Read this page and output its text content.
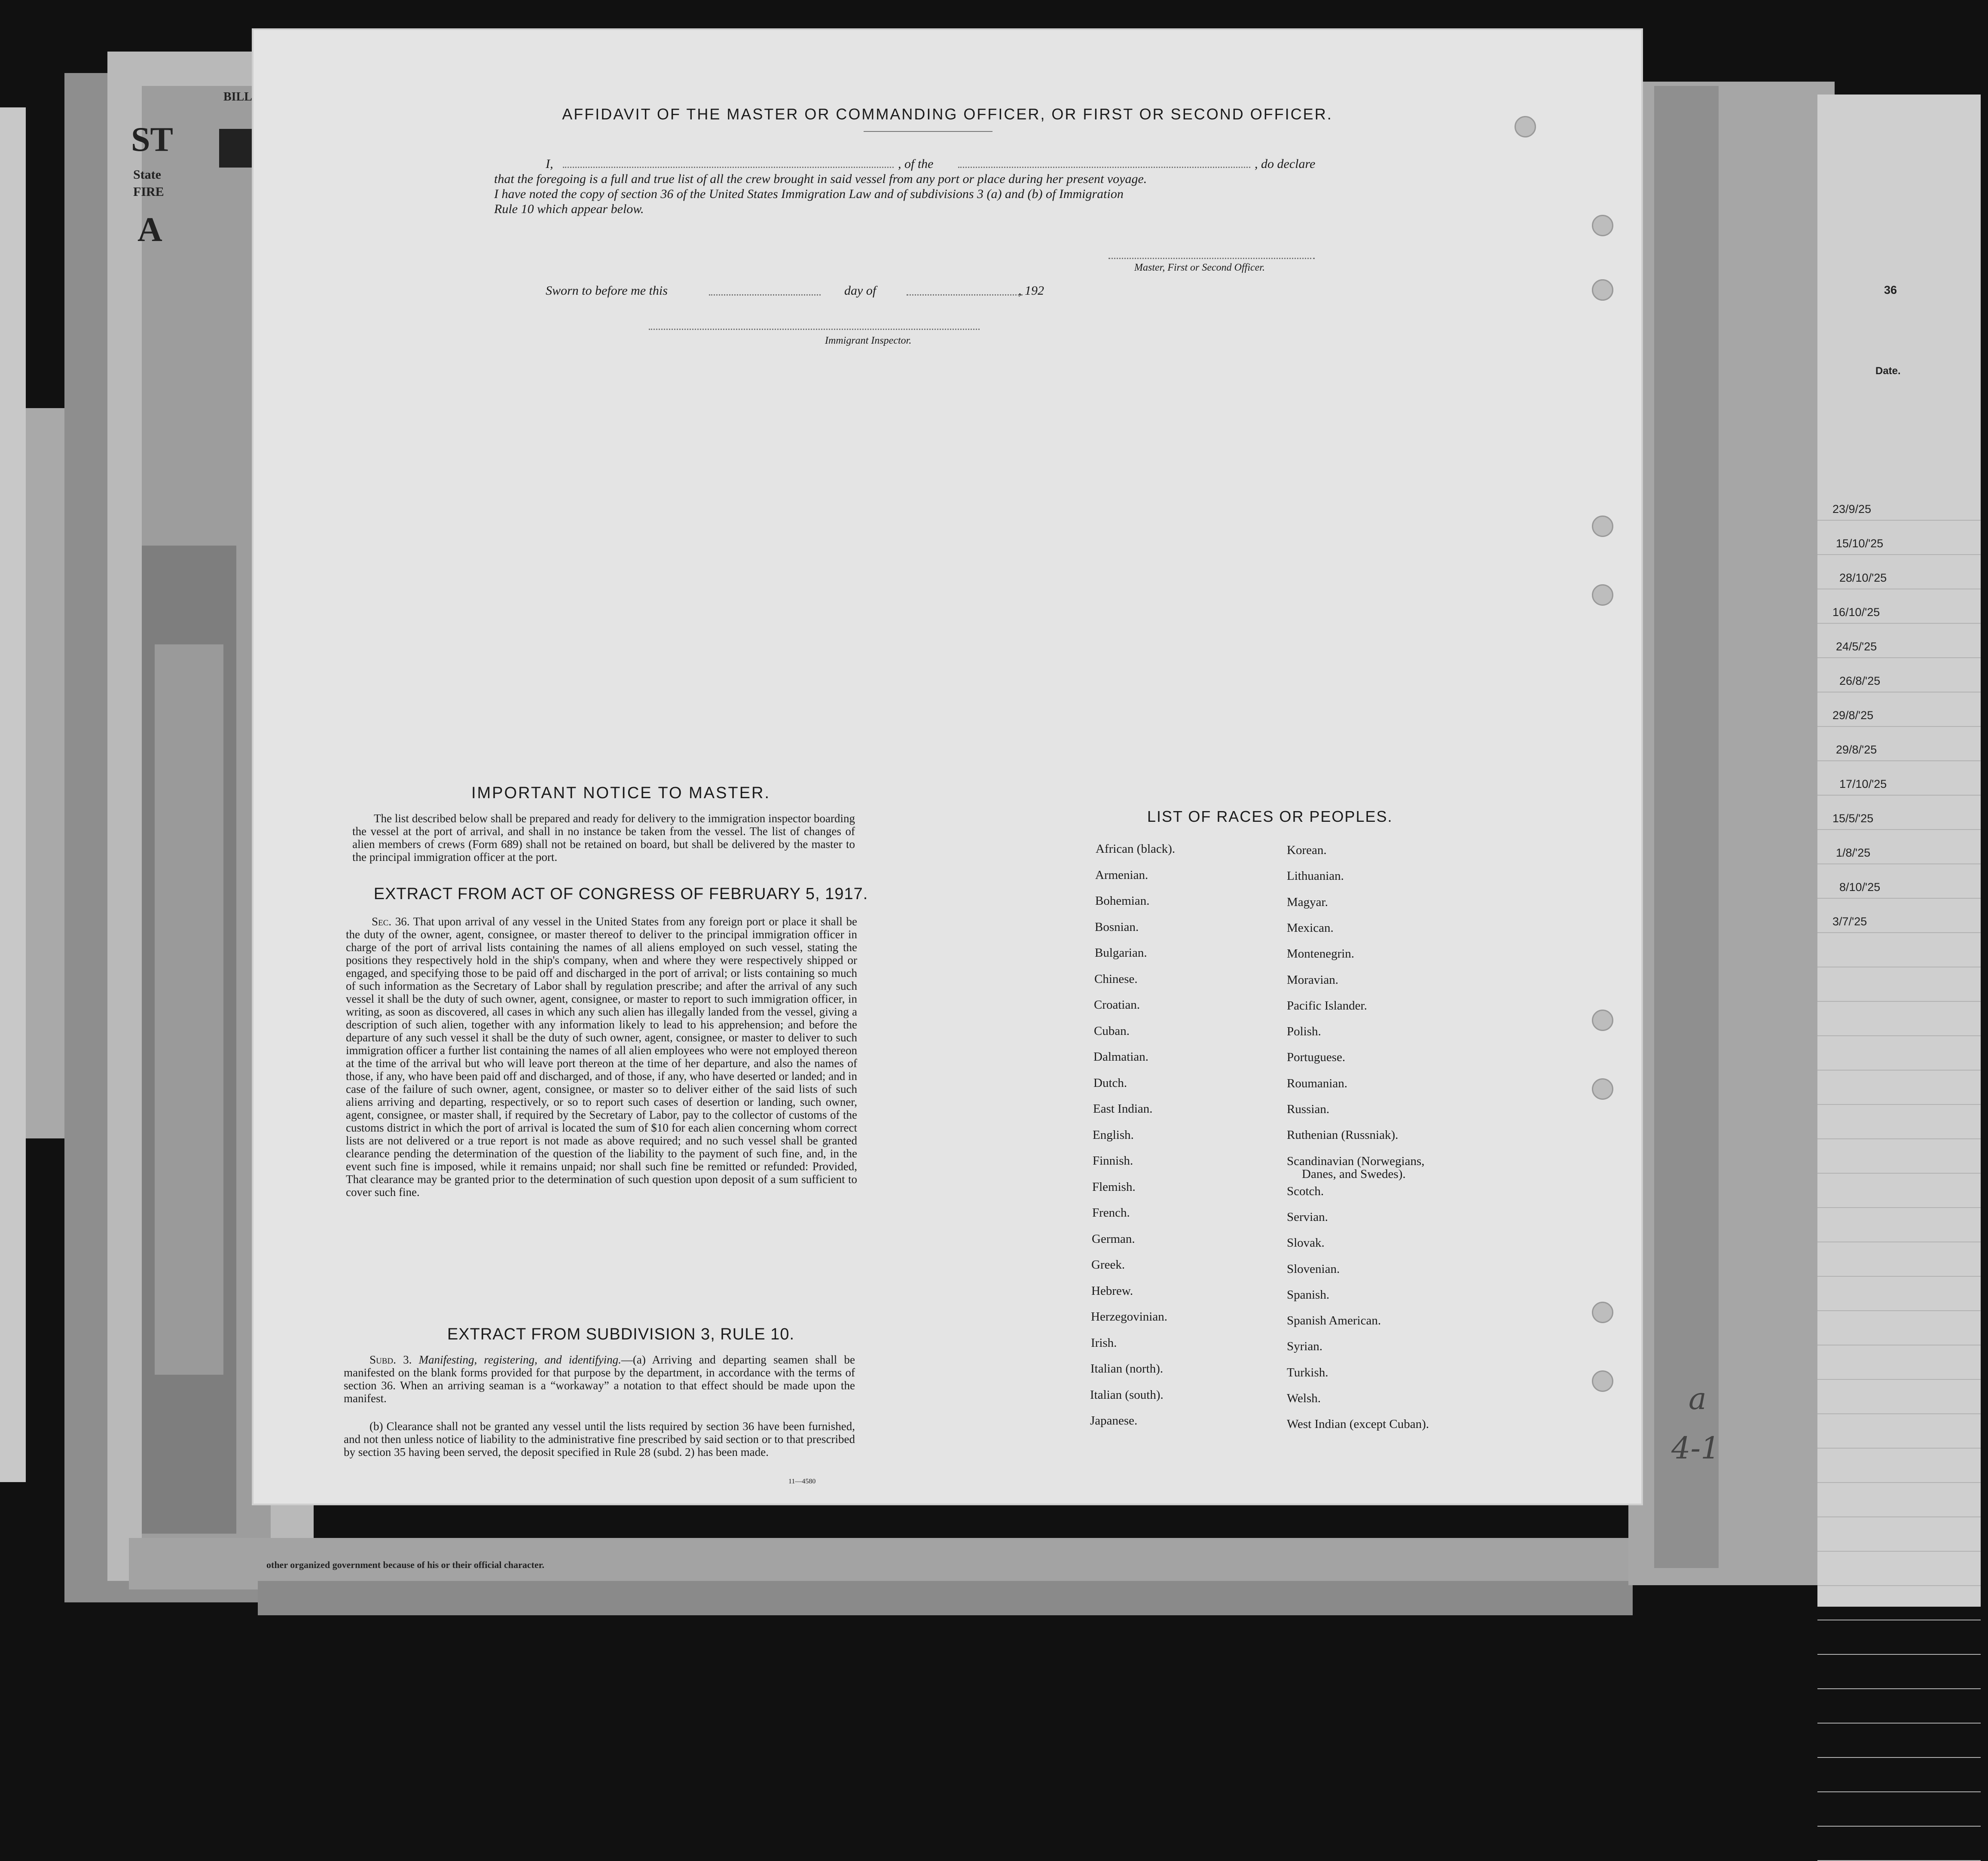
ST
State
FIRE
A
BILL
other organized government because of his or their official character.
36
Date.
23/9/25
15/10/'25
28/10/'25
16/10/'25
24/5/'25
26/8/'25
29/8/'25
29/8/'25
17/10/'25
15/5/'25
1/8/'25
8/10/'25
3/7/'25
a
4-1
AFFIDAVIT OF THE MASTER OR COMMANDING OFFICER, OR FIRST OR SECOND OFFICER.
I,	, of the	, do declare
that the foregoing is a full and true list of all the crew brought in said vessel from any port or place during her present voyage.
I have noted the copy of section 36 of the United States Immigration Law and of subdivisions 3 (a) and (b) of Immigration
Rule 10 which appear below.
Master, First or Second Officer.
Sworn to before me this	day of	, 192
Immigrant Inspector.
IMPORTANT NOTICE TO MASTER.
The list described below shall be prepared and ready for delivery to the immigration inspector boarding the vessel at the port of arrival, and shall in no instance be taken from the vessel. The list of changes of alien members of crews (Form 689) shall not be retained on board, but shall be delivered by the master to the principal immigration officer at the port.
EXTRACT FROM ACT OF CONGRESS OF FEBRUARY 5, 1917.
Sec. 36. That upon arrival of any vessel in the United States from any foreign port or place it shall be the duty of the owner, agent, consignee, or master thereof to deliver to the principal immigration officer in charge of the port of arrival lists containing the names of all aliens employed on such vessel, stating the positions they respectively hold in the ship's company, when and where they were respectively shipped or engaged, and specifying those to be paid off and discharged in the port of arrival; or lists containing so much of such information as the Secretary of Labor shall by regulation prescribe; and after the arrival of any such vessel it shall be the duty of such owner, agent, consignee, or master to report to such immigration officer, in writing, as soon as discovered, all cases in which any such alien has illegally landed from the vessel, giving a description of such alien, together with any information likely to lead to his apprehension; and before the departure of any such vessel it shall be the duty of such owner, agent, consignee, or master to deliver to such immigration officer a further list containing the names of all alien employees who were not employed thereon at the time of the arrival but who will leave port thereon at the time of her departure, and also the names of those, if any, who have been paid off and discharged, and of those, if any, who have deserted or landed; and in case of the failure of such owner, agent, consignee, or master so to deliver either of the said lists of such aliens arriving and departing, respectively, or so to report such cases of desertion or landing, such owner, agent, consignee, or master shall, if required by the Secretary of Labor, pay to the collector of customs of the customs district in which the port of arrival is located the sum of $10 for each alien concerning whom correct lists are not delivered or a true report is not made as above required; and no such vessel shall be granted clearance pending the determination of the question of the liability to the payment of such fine, and, in the event such fine is imposed, while it remains unpaid; nor shall such fine be remitted or refunded: Provided, That clearance may be granted prior to the determination of such question upon deposit of a sum sufficient to cover such fine.
EXTRACT FROM SUBDIVISION 3, RULE 10.
Subd. 3. Manifesting, registering, and identifying.—(a) Arriving and departing seamen shall be manifested on the blank forms provided for that purpose by the department, in accordance with the terms of section 36. When an arriving seaman is a “workaway” a notation to that effect should be made upon the manifest.
(b) Clearance shall not be granted any vessel until the lists required by section 36 have been furnished, and not then unless notice of liability to the administrative fine prescribed by said section or to that prescribed by section 35 having been served, the deposit specified in Rule 28 (subd. 2) has been made.
11—4580
LIST OF RACES OR PEOPLES.
African (black).
Armenian.
Bohemian.
Bosnian.
Bulgarian.
Chinese.
Croatian.
Cuban.
Dalmatian.
Dutch.
East Indian.
English.
Finnish.
Flemish.
French.
German.
Greek.
Hebrew.
Herzegovinian.
Irish.
Italian (north).
Italian (south).
Japanese.
Korean.
Lithuanian.
Magyar.
Mexican.
Montenegrin.
Moravian.
Pacific Islander.
Polish.
Portuguese.
Roumanian.
Russian.
Ruthenian (Russniak).
Scandinavian (Norwegians,
Danes, and Swedes).
Scotch.
Servian.
Slovak.
Slovenian.
Spanish.
Spanish American.
Syrian.
Turkish.
Welsh.
West Indian (except Cuban).
